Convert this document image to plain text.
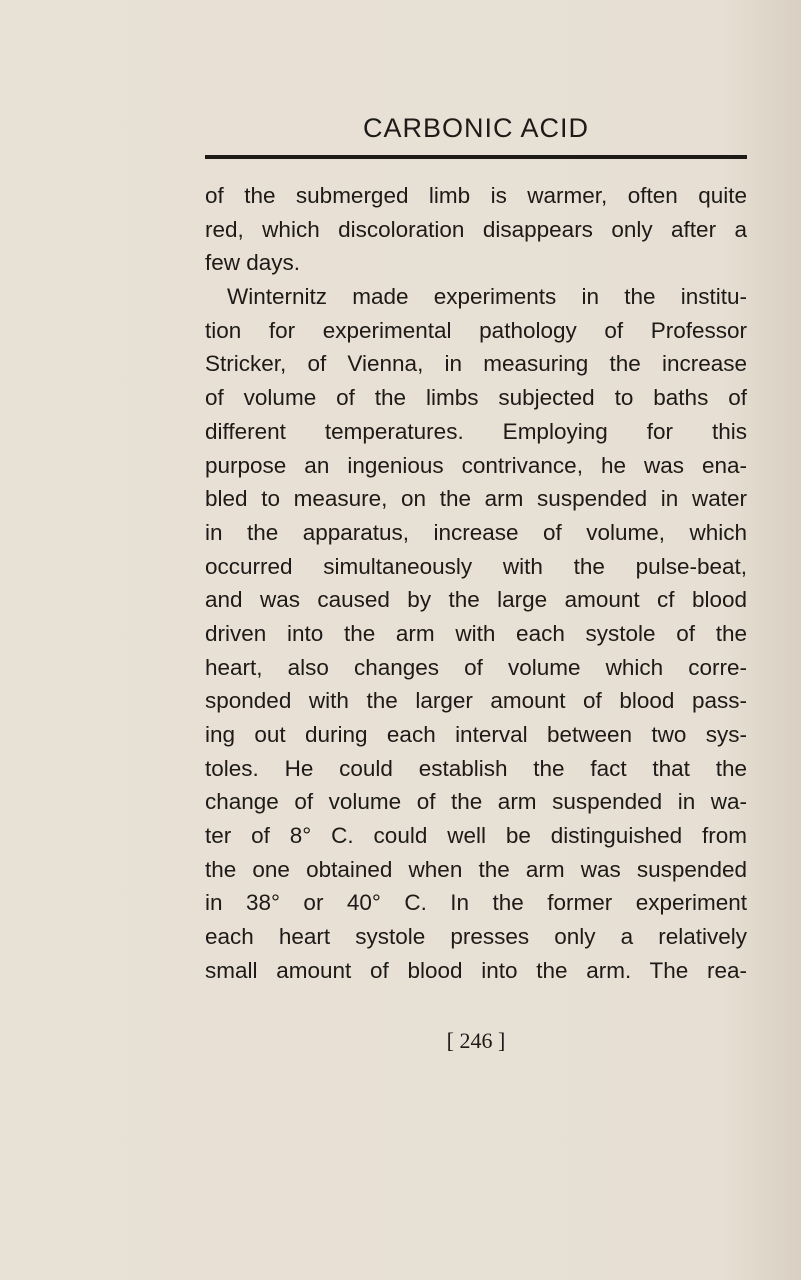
CARBONIC ACID
of the submerged limb is warmer, often quite
red, which discoloration disappears only after a
few days.
Winternitz made experiments in the institu-
tion for experimental pathology of Professor
Stricker, of Vienna, in measuring the increase
of volume of the limbs subjected to baths of
different temperatures. Employing for this
purpose an ingenious contrivance, he was ena-
bled to measure, on the arm suspended in water
in the apparatus, increase of volume, which
occurred simultaneously with the pulse-beat,
and was caused by the large amount cf blood
driven into the arm with each systole of the
heart, also changes of volume which corre-
sponded with the larger amount of blood pass-
ing out during each interval between two sys-
toles. He could establish the fact that the
change of volume of the arm suspended in wa-
ter of 8° C. could well be distinguished from
the one obtained when the arm was suspended
in 38° or 40° C. In the former experiment
each heart systole presses only a relatively
small amount of blood into the arm. The rea-
[ 246 ]
